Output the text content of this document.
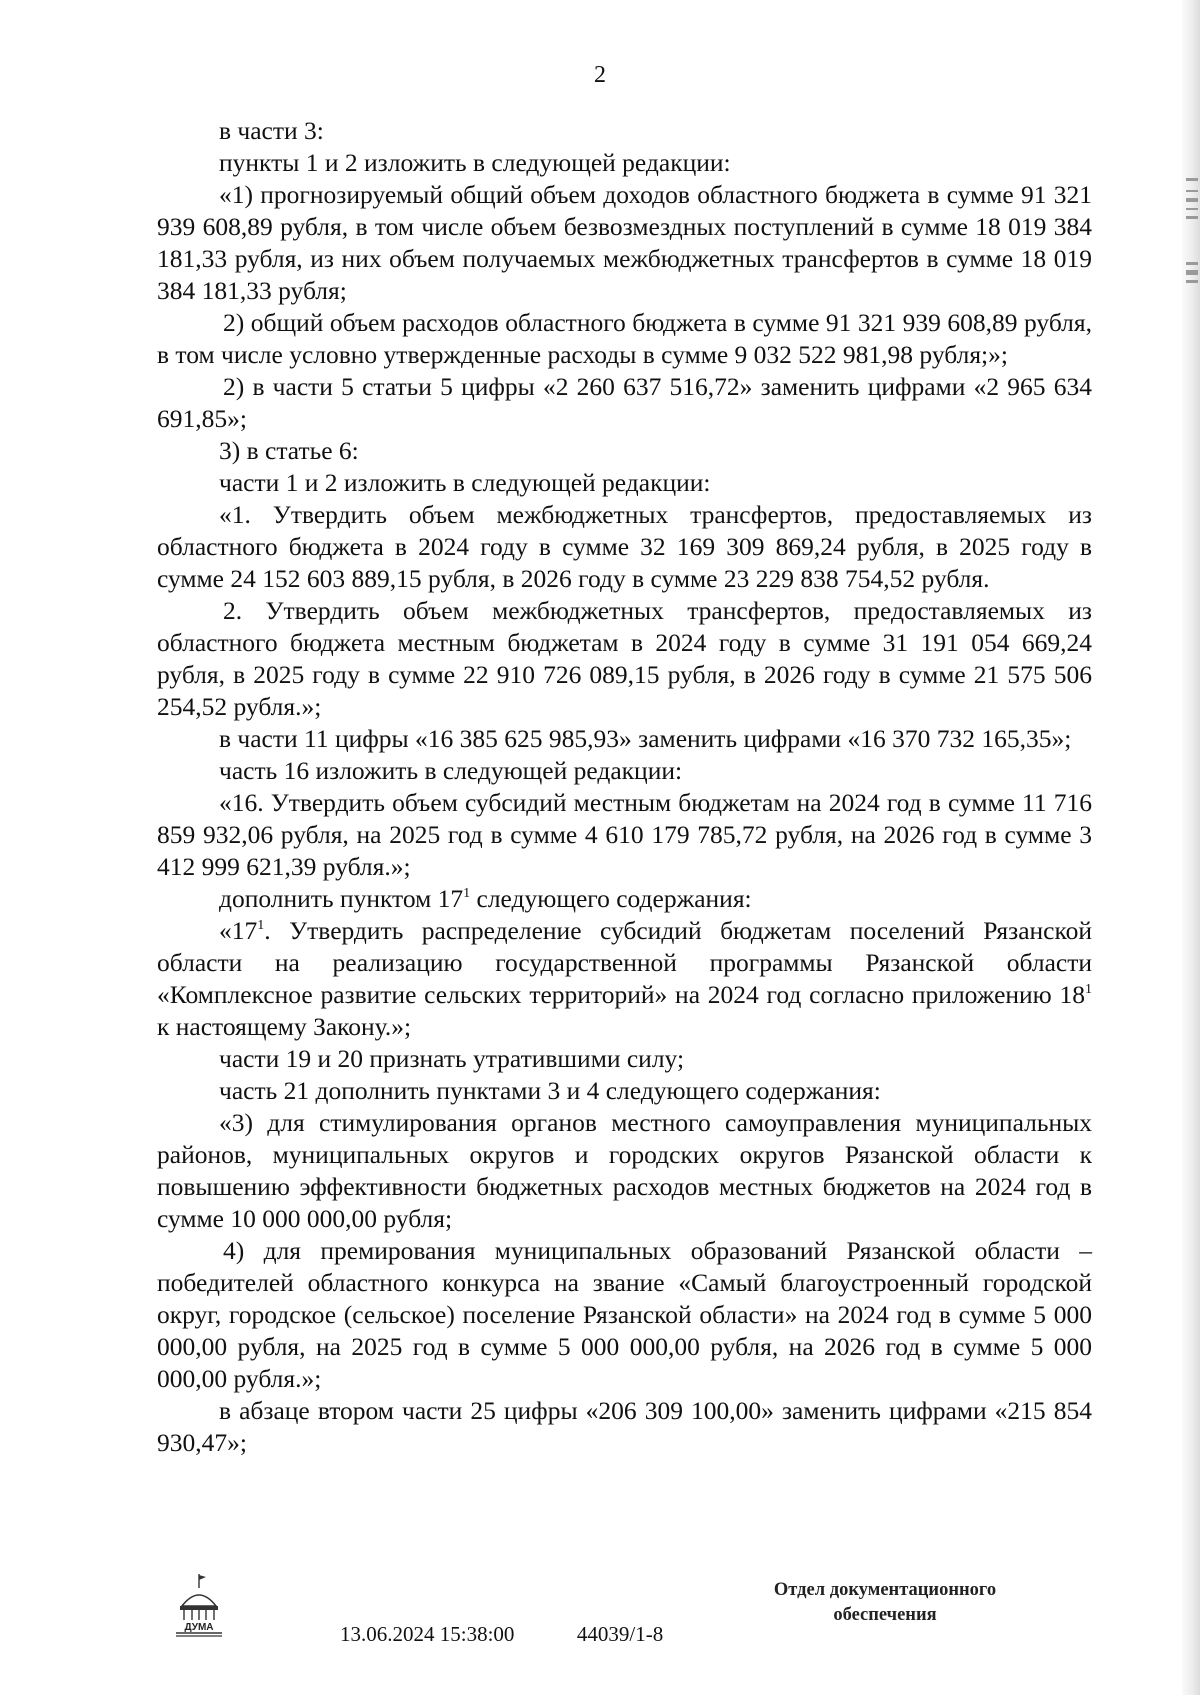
2

в части 3:

пункты 1 и 2 изложить в следующей редакции:

«1) прогнозируемый общий объем доходов областного бюджета в сумме 91 321 939 608,89 рубля, в том числе объем безвозмездных поступлений в сумме 18 019 384 181,33 рубля, из них объем получаемых межбюджетных трансфертов в сумме 18 019 384 181,33 рубля;

2) общий объем расходов областного бюджета в сумме 91 321 939 608,89 рубля, в том числе условно утвержденные расходы в сумме 9 032 522 981,98 рубля;»;

2) в части 5 статьи 5 цифры «2 260 637 516,72» заменить цифрами «2 965 634 691,85»;

3) в статье 6:

части 1 и 2 изложить в следующей редакции:

«1. Утвердить объем межбюджетных трансфертов, предоставляемых из областного бюджета в 2024 году в сумме 32 169 309 869,24 рубля, в 2025 году в сумме 24 152 603 889,15 рубля, в 2026 году в сумме 23 229 838 754,52 рубля.

2. Утвердить объем межбюджетных трансфертов, предоставляемых из областного бюджета местным бюджетам в 2024 году в сумме 31 191 054 669,24 рубля, в 2025 году в сумме 22 910 726 089,15 рубля, в 2026 году в сумме 21 575 506 254,52 рубля.»;

в части 11 цифры «16 385 625 985,93» заменить цифрами «16 370 732 165,35»;

часть 16 изложить в следующей редакции:

«16. Утвердить объем субсидий местным бюджетам на 2024 год в сумме 11 716 859 932,06 рубля, на 2025 год в сумме 4 610 179 785,72 рубля, на 2026 год в сумме 3 412 999 621,39 рубля.»;

дополнить пунктом $17^1$ следующего содержания:

«$17^1$. Утвердить распределение субсидий бюджетам поселений Рязанской области на реализацию государственной программы Рязанской области «Комплексное развитие сельских территорий» на 2024 год согласно приложению $18^1$ к настоящему Закону.»;

части 19 и 20 признать утратившими силу;

часть 21 дополнить пунктами 3 и 4 следующего содержания:

«3) для стимулирования органов местного самоуправления муниципальных районов, муниципальных округов и городских округов Рязанской области к повышению эффективности бюджетных расходов местных бюджетов на 2024 год в сумме 10 000 000,00 рубля;

4) для премирования муниципальных образований Рязанской области – победителей областного конкурса на звание «Самый благоустроенный городской округ, городское (сельское) поселение Рязанской области» на 2024 год в сумме 5 000 000,00 рубля, на 2025 год в сумме 5 000 000,00 рубля, на 2026 год в сумме 5 000 000,00 рубля.»;

в абзаце втором части 25 цифры «206 309 100,00» заменить цифрами «215 854 930,47»;

ДУМА	13.06.2024 15:38:00	44039/1-8
Отдел документационного обеспечения
